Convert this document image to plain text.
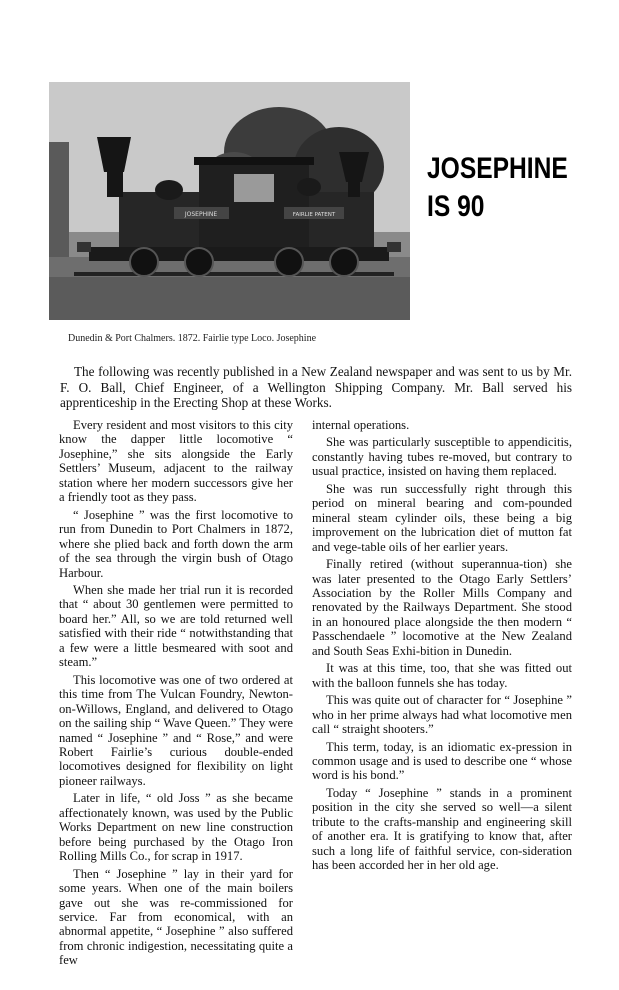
JOSEPHINE	FAIRLIE PATENT
JOSEPHINE
IS 90
Dunedin & Port Chalmers. 1872. Fairlie type Loco. Josephine

The following was recently published in a New Zealand newspaper and was sent to us by Mr. F. O. Ball, Chief Engineer, of a Wellington Shipping Company. Mr. Ball served his apprenticeship in the Erecting Shop at these Works.

Every resident and most visitors to this city know the dapper little locomotive “ Josephine,” she sits alongside the Early Settlers’ Museum, adjacent to the railway station where her modern successors give her a friendly toot as they pass.

“ Josephine ” was the first locomotive to run from Dunedin to Port Chalmers in 1872, where she plied back and forth down the arm of the sea through the virgin bush of Otago Harbour.

When she made her trial run it is recorded that “ about 30 gentlemen were permitted to board her.” All, so we are told returned well satisfied with their ride “ notwithstanding that a few were a little besmeared with soot and steam.”

This locomotive was one of two ordered at this time from The Vulcan Foundry, Newton-on-Willows, England, and delivered to Otago on the sailing ship “ Wave Queen.” They were named “ Josephine ” and “ Rose,” and were Robert Fairlie’s curious double-ended locomotives designed for flexibility on light pioneer railways.

Later in life, “ old Joss ” as she became affectionately known, was used by the Public Works Department on new line construction before being purchased by the Otago Iron Rolling Mills Co., for scrap in 1917.

Then “ Josephine ” lay in their yard for some years. When one of the main boilers gave out she was re-commissioned for service. Far from economical, with an abnormal appetite, “ Josephine ” also suffered from chronic indigestion, necessitating quite a few

internal operations.

She was particularly susceptible to appendicitis, constantly having tubes re-moved, but contrary to usual practice, insisted on having them replaced.

She was run successfully right through this period on mineral bearing and com-pounded mineral steam cylinder oils, these being a big improvement on the lubrication diet of mutton fat and vege-table oils of her earlier years.

Finally retired (without superannua-tion) she was later presented to the Otago Early Settlers’ Association by the Roller Mills Company and renovated by the Railways Department. She stood in an honoured place alongside the then modern “ Passchendaele ” locomotive at the New Zealand and South Seas Exhi-bition in Dunedin.

It was at this time, too, that she was fitted out with the balloon funnels she has today.

This was quite out of character for “ Josephine ” who in her prime always had what locomotive men call “ straight shooters.”

This term, today, is an idiomatic ex-pression in common usage and is used to describe one “ whose word is his bond.”

Today “ Josephine ” stands in a prominent position in the city she served so well—a silent tribute to the crafts-manship and engineering skill of another era. It is gratifying to know that, after such a long life of faithful service, con-sideration has been accorded her in her old age.
